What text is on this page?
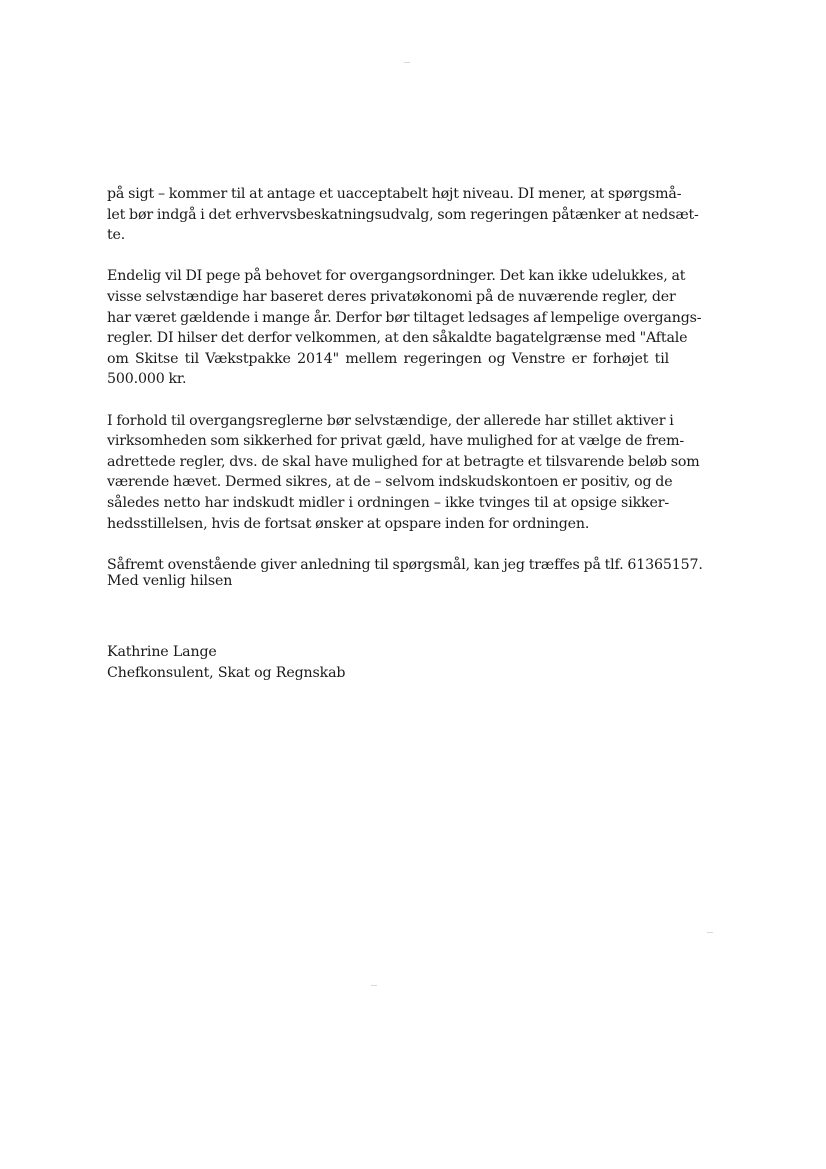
på sigt – kommer til at antage et uacceptabelt højt niveau. DI mener, at spørgsmå-
let bør indgå i det erhvervsbeskatningsudvalg, som regeringen påtænker at nedsæt-
te.
Endelig vil DI pege på behovet for overgangsordninger. Det kan ikke udelukkes, at
visse selvstændige har baseret deres privatøkonomi på de nuværende regler, der
har været gældende i mange år. Derfor bør tiltaget ledsages af lempelige overgangs-
regler. DI hilser det derfor velkommen, at den såkaldte bagatelgrænse med "Aftale
om Skitse til Vækstpakke 2014" mellem regeringen og Venstre er forhøjet til
500.000 kr.
I forhold til overgangsreglerne bør selvstændige, der allerede har stillet aktiver i
virksomheden som sikkerhed for privat gæld, have mulighed for at vælge de frem-
adrettede regler, dvs. de skal have mulighed for at betragte et tilsvarende beløb som
værende hævet. Dermed sikres, at de – selvom indskudskontoen er positiv, og de
således netto har indskudt midler i ordningen – ikke tvinges til at opsige sikker-
hedsstillelsen, hvis de fortsat ønsker at opspare inden for ordningen.
Såfremt ovenstående giver anledning til spørgsmål, kan jeg træffes på tlf. 61365157.

Med venlig hilsen

Kathrine Lange
Chefkonsulent, Skat og Regnskab
